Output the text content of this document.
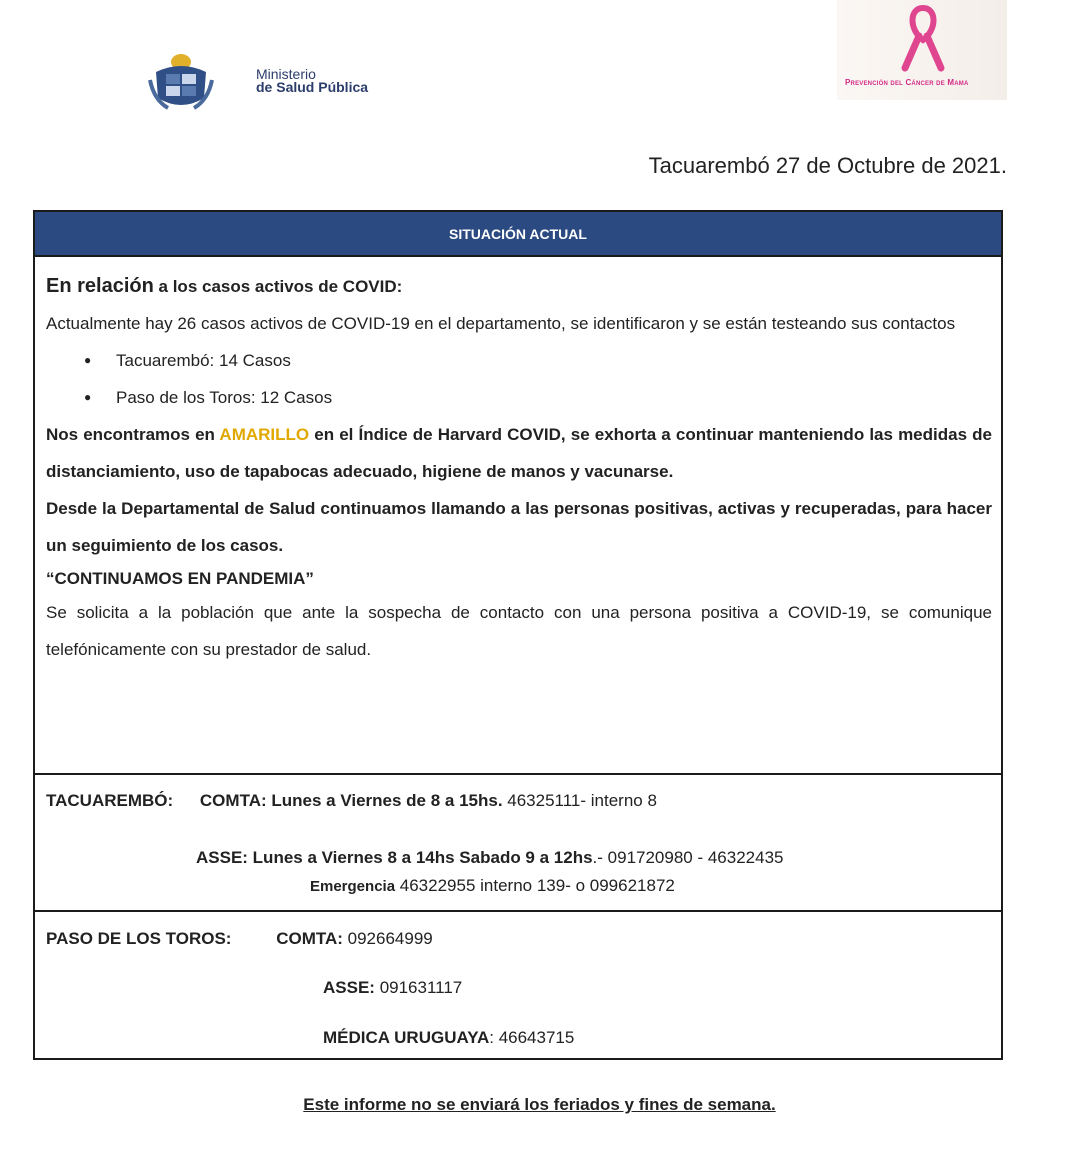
Ministerio
de Salud Pública	Prevención del Cáncer de Mama
Tacuarembó 27 de Octubre de 2021.
SITUACIÓN ACTUAL
En relación a los casos activos de COVID:

Actualmente hay 26 casos activos de COVID-19 en el departamento, se identificaron y se están testeando sus contactos

● Tacuarembó: 14 Casos
● Paso de los Toros: 12 Casos

Nos encontramos en AMARILLO en el Índice de Harvard COVID, se exhorta a continuar manteniendo las medidas de distanciamiento, uso de tapabocas adecuado, higiene de manos y vacunarse.

Desde la Departamental de Salud continuamos llamando a las personas positivas, activas y recuperadas, para hacer un seguimiento de los casos.

“CONTINUAMOS EN PANDEMIA”

Se solicita a la población que ante la sospecha de contacto con una persona positiva a COVID-19, se comunique telefónicamente con su prestador de salud.

TACUAREMBÓ: COMTA: Lunes a Viernes de 8 a 15hs. 46325111- interno 8
ASSE: Lunes a Viernes 8 a 14hs Sabado 9 a 12hs.- 091720980 - 46322435
Emergencia 46322955 interno 139- o 099621872
PASO DE LOS TOROS:	COMTA: 092664999
ASSE: 091631117
MÉDICA URUGUAYA: 46643715
Este informe no se enviará los feriados y fines de semana.
